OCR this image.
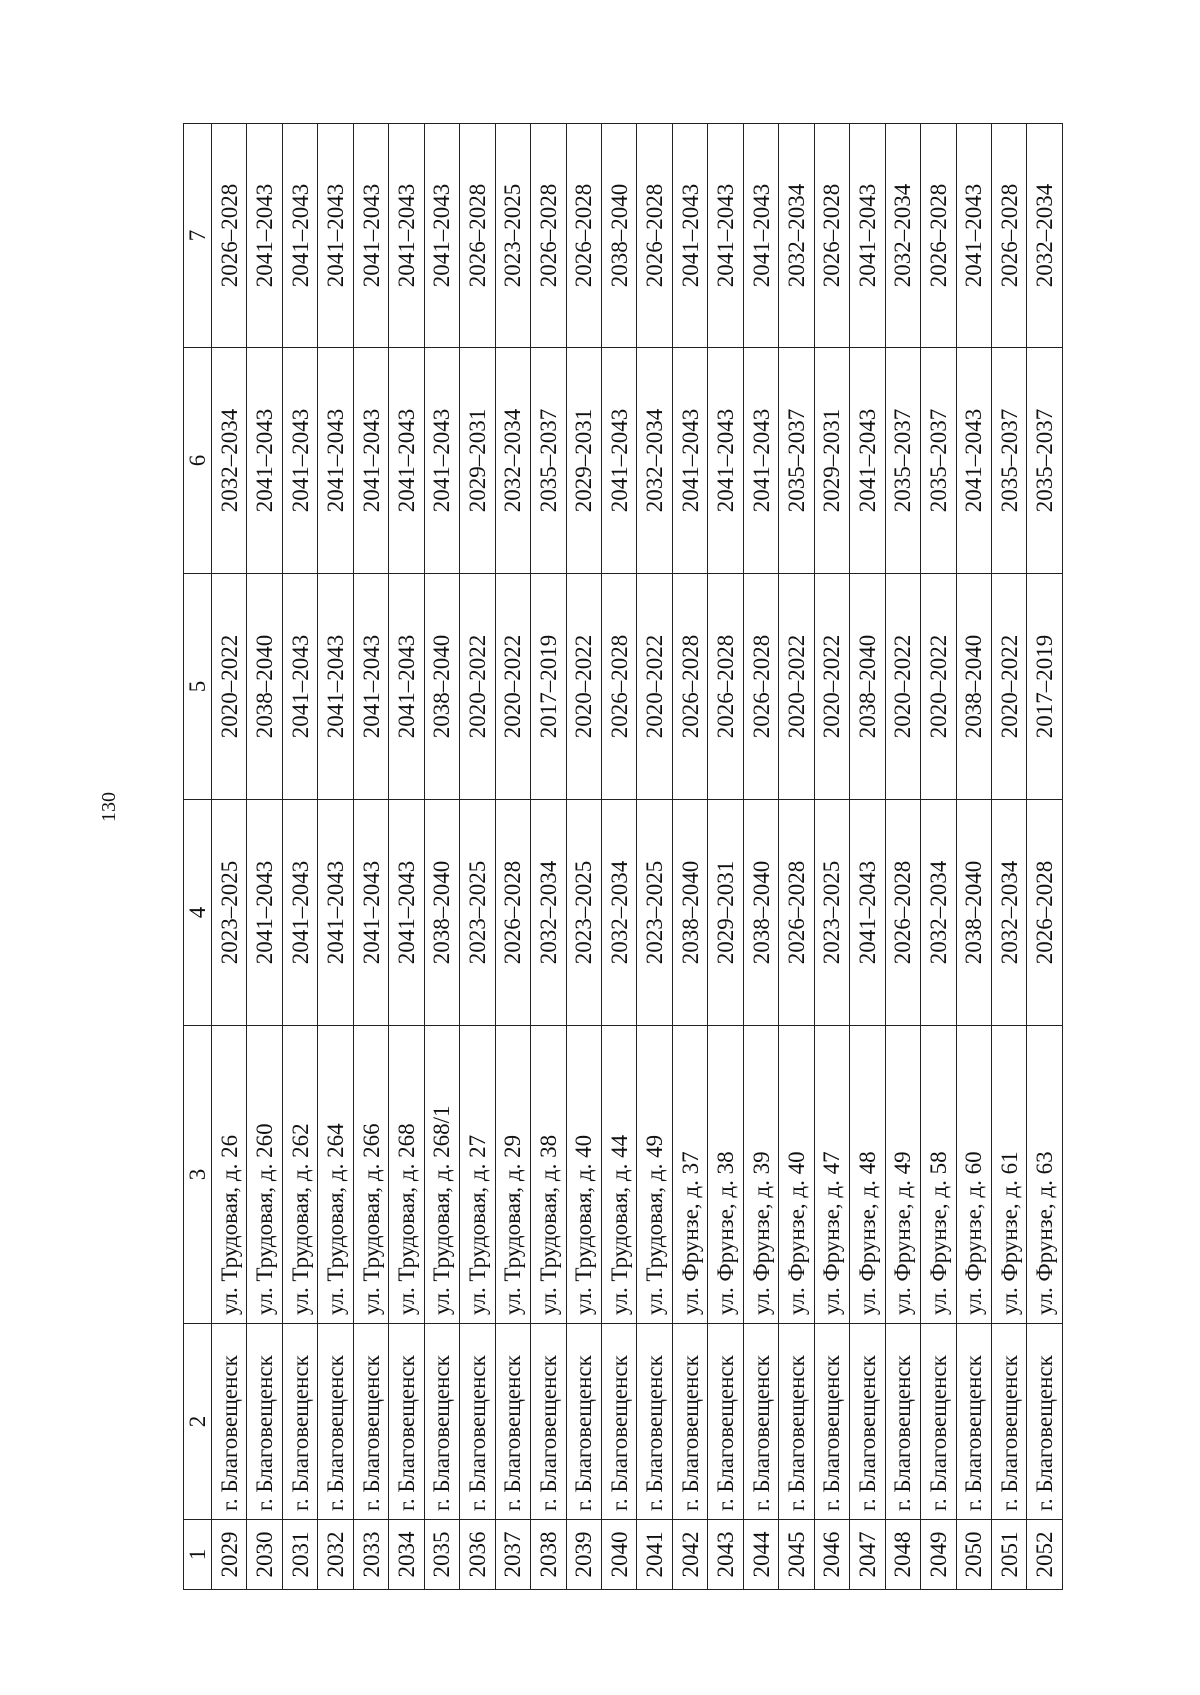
130
1	2	3	4	5	6	7
2029	г. Благовещенск	ул. Трудовая, д. 26	2023–2025	2020–2022	2032–2034	2026–2028
2030	г. Благовещенск	ул. Трудовая, д. 260	2041–2043	2038–2040	2041–2043	2041–2043
2031	г. Благовещенск	ул. Трудовая, д. 262	2041–2043	2041–2043	2041–2043	2041–2043
2032	г. Благовещенск	ул. Трудовая, д. 264	2041–2043	2041–2043	2041–2043	2041–2043
2033	г. Благовещенск	ул. Трудовая, д. 266	2041–2043	2041–2043	2041–2043	2041–2043
2034	г. Благовещенск	ул. Трудовая, д. 268	2041–2043	2041–2043	2041–2043	2041–2043
2035	г. Благовещенск	ул. Трудовая, д. 268/1	2038–2040	2038–2040	2041–2043	2041–2043
2036	г. Благовещенск	ул. Трудовая, д. 27	2023–2025	2020–2022	2029–2031	2026–2028
2037	г. Благовещенск	ул. Трудовая, д. 29	2026–2028	2020–2022	2032–2034	2023–2025
2038	г. Благовещенск	ул. Трудовая, д. 38	2032–2034	2017–2019	2035–2037	2026–2028
2039	г. Благовещенск	ул. Трудовая, д. 40	2023–2025	2020–2022	2029–2031	2026–2028
2040	г. Благовещенск	ул. Трудовая, д. 44	2032–2034	2026–2028	2041–2043	2038–2040
2041	г. Благовещенск	ул. Трудовая, д. 49	2023–2025	2020–2022	2032–2034	2026–2028
2042	г. Благовещенск	ул. Фрунзе, д. 37	2038–2040	2026–2028	2041–2043	2041–2043
2043	г. Благовещенск	ул. Фрунзе, д. 38	2029–2031	2026–2028	2041–2043	2041–2043
2044	г. Благовещенск	ул. Фрунзе, д. 39	2038–2040	2026–2028	2041–2043	2041–2043
2045	г. Благовещенск	ул. Фрунзе, д. 40	2026–2028	2020–2022	2035–2037	2032–2034
2046	г. Благовещенск	ул. Фрунзе, д. 47	2023–2025	2020–2022	2029–2031	2026–2028
2047	г. Благовещенск	ул. Фрунзе, д. 48	2041–2043	2038–2040	2041–2043	2041–2043
2048	г. Благовещенск	ул. Фрунзе, д. 49	2026–2028	2020–2022	2035–2037	2032–2034
2049	г. Благовещенск	ул. Фрунзе, д. 58	2032–2034	2020–2022	2035–2037	2026–2028
2050	г. Благовещенск	ул. Фрунзе, д. 60	2038–2040	2038–2040	2041–2043	2041–2043
2051	г. Благовещенск	ул. Фрунзе, д. 61	2032–2034	2020–2022	2035–2037	2026–2028
2052	г. Благовещенск	ул. Фрунзе, д. 63	2026–2028	2017–2019	2035–2037	2032–2034
